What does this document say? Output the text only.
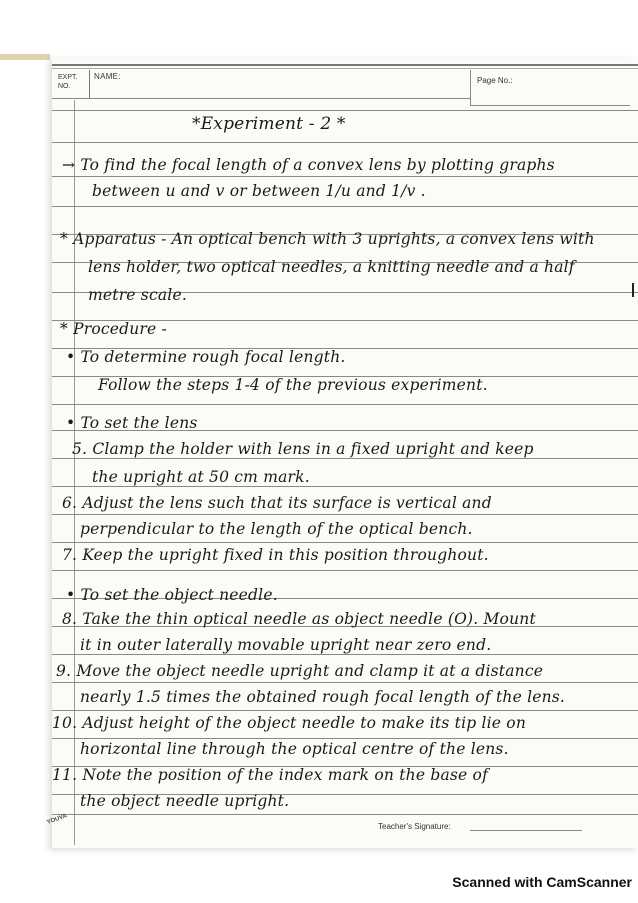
EXPT. NO.
NAME:	Page No.:
*Experiment - 2 *
→ To find the focal length of a convex lens by plotting graphs
between u and v or between 1/u and 1/v .
* Apparatus - An optical bench with 3 uprights, a convex lens with
lens holder, two optical needles, a knitting needle and a half
metre scale.
* Procedure -
• To determine rough focal length.
Follow the steps 1-4 of the previous experiment.
• To set the lens
5. Clamp the holder with lens in a fixed upright and keep
the upright at 50 cm mark.
6. Adjust the lens such that its surface is vertical and
perpendicular to the length of the optical bench.
7. Keep the upright fixed in this position throughout.
• To set the object needle.
8. Take the thin optical needle as object needle (O). Mount
it in outer laterally movable upright near zero end.
9. Move the object needle upright and clamp it at a distance
nearly 1.5 times the obtained rough focal length of the lens.
10. Adjust height of the object needle to make its tip lie on
horizontal line through the optical centre of the lens.
11. Note the position of the index mark on the base of
the object needle upright.
Teacher's Signature:
YOUVA
Scanned with CamScanner
